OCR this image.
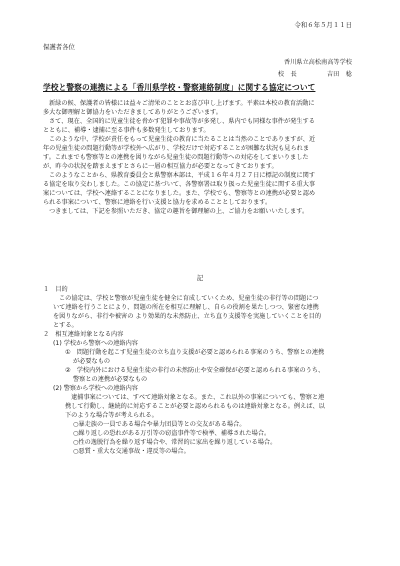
令和６年５月１１日
保護者各位
香川県立高松南高等学校
校　長	吉田　稔
学校と警察の連携による「香川県学校・警察連絡制度」に関する協定について

新緑の候、保護者の皆様には益々ご清栄のこととお喜び申し上げます。平素は本校の教育活動に
多大な御理解と御協力をいただきましてありがとうございます。

さて、現在、全国的に児童生徒を脅かす犯罪や事故等が多発し、県内でも同様な事件が発生する
とともに、補導・逮捕に至る事件も多数発生しております。

このような中、学校が責任をもって児童生徒の教育に当たることは当然のことでありますが、近
年の児童生徒の問題行動等が学校外へ広がり、学校だけで対応することが困難な状況も見られま
す。これまでも警察等との連携を図りながら児童生徒の問題行動等への対応をしてまいりました
が、昨今の状況を踏まえますとさらに一層の相互協力が必要となってきております。

このようなことから、県教育委員会と県警察本部は、平成１６年４月２７日に標記の制度に関す
る協定を取り交わしました。この協定に基づいて、各警察署は取り扱った児童生徒に関する重大事
案については、学校へ連絡することになりました。また、学校でも、警察等との連携が必要と認め
られる事案について、警察に連絡を行い支援と協力を求めることとしております。

つきましては、下記を参照いただき、協定の趣旨を御理解の上、ご協力をお願いいたします。

記

１　目的

この協定は、学校と警察が児童生徒を健全に育成していくため、児童生徒の非行等の問題につ
いて連絡を行うことにより、問題の所在を相互に理解し、自らの役割を果たしつつ、緊密な連携
を図りながら、非行や被害の より効果的な未然防止、立ち直り支援等を実施していくことを目的
とする。

２　相互連絡対象となる内容

(1) 学校から警察への連絡内容

①　問題行動を起こす児童生徒の立ち直り支援が必要と認められる事案のうち、警察との連携
が必要なもの

②　学校内外における児童生徒の非行の未然防止や安全確保が必要と認められる事案のうち、
警察との連携が必要なもの

(2) 警察から学校への連絡内容

逮捕事案については、すべて連絡対象となる。また、これ以外の事案についても、警察と連
携して行動し、継続的に対応することが必要と認められるものは連絡対象となる。例えば、以
下のような場合等が考えられる。

○暴走族の一員である場合や暴力団員等との交友がある場合。

○繰り返しの恐れがある万引等の窃盗事件等で検挙、補導された場合。

○性の逸脱行為を繰り返す場合や、常習的に家出を繰り返している場合。

○悪質・重大な交通事故・違反等の場合。
